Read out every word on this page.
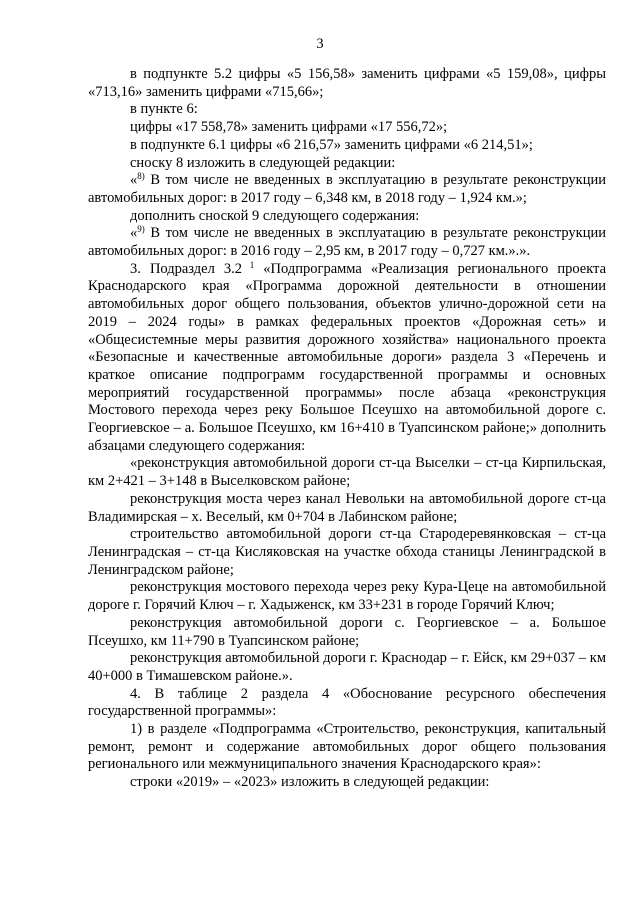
3

в подпункте 5.2 цифры «5 156,58» заменить цифрами «5 159,08», цифры «713,16» заменить цифрами «715,66»;

в пункте 6:

цифры «17 558,78» заменить цифрами «17 556,72»;

в подпункте 6.1 цифры «6 216,57» заменить цифрами «6 214,51»;

сноску 8 изложить в следующей редакции:

«$^{8)}$ В том числе не введенных в эксплуатацию в результате реконструкции автомобильных дорог: в 2017 году – 6,348 км, в 2018 году – 1,924 км.»;

дополнить сноской 9 следующего содержания:

«$^{9)}$ В том числе не введенных в эксплуатацию в результате реконструкции автомобильных дорог: в 2016 году – 2,95 км, в 2017 году – 0,727 км.».».

3. Подраздел 3.2 $^1$ «Подпрограмма «Реализация регионального проекта Краснодарского края «Программа дорожной деятельности в отношении автомобильных дорог общего пользования, объектов улично-дорожной сети на 2019 – 2024 годы» в рамках федеральных проектов «Дорожная сеть» и «Общесистемные меры развития дорожного хозяйства» национального проекта «Безопасные и качественные автомобильные дороги» раздела 3 «Перечень и краткое описание подпрограмм государственной программы и основных мероприятий государственной программы» после абзаца «реконструкция Мостового перехода через реку Большое Псеушхо на автомобильной дороге с. Георгиевское – а. Большое Псеушхо, км 16+410 в Туапсинском районе;» дополнить абзацами следующего содержания:

«реконструкция автомобильной дороги ст-ца Выселки – ст-ца Кирпильская, км 2+421 – 3+148 в Выселковском районе;

реконструкция моста через канал Невольки на автомобильной дороге ст-ца Владимирская – х. Веселый, км 0+704 в Лабинском районе;

строительство автомобильной дороги ст-ца Стародеревянковская – ст-ца Ленинградская – ст-ца Кисляковская на участке обхода станицы Ленинградской в Ленинградском районе;

реконструкция мостового перехода через реку Кура-Цеце на автомобильной дороге г. Горячий Ключ – г. Хадыженск, км 33+231 в городе Горячий Ключ;

реконструкция автомобильной дороги с. Георгиевское – а. Большое Псеушхо, км 11+790 в Туапсинском районе;

реконструкция автомобильной дороги г. Краснодар – г. Ейск, км 29+037 – км 40+000 в Тимашевском районе.».

4. В таблице 2 раздела 4 «Обоснование ресурсного обеспечения государственной программы»:

1) в разделе «Подпрограмма «Строительство, реконструкция, капитальный ремонт, ремонт и содержание автомобильных дорог общего пользования регионального или межмуниципального значения Краснодарского края»:

строки «2019» – «2023» изложить в следующей редакции:
